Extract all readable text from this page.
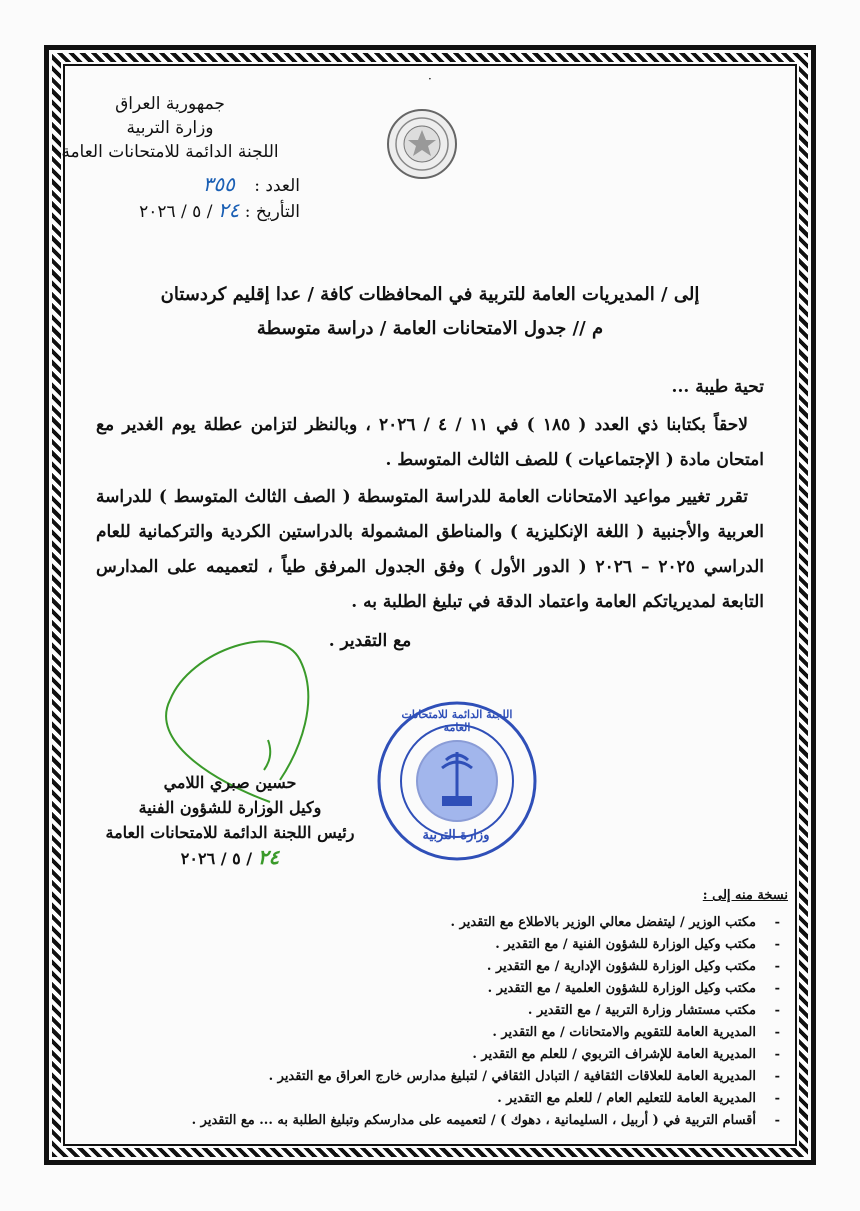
·
جمهورية العراق
وزارة التربية
اللجنة الدائمة للامتحانات العامة
العدد : ٣٥٥
التأريخ : ٢٤ / ٥ / ٢٠٢٦
إلى / المديريات العامة للتربية في المحافظات كافة / عدا إقليم كردستان
م // جدول الامتحانات العامة / دراسة متوسطة
تحية طيبة ...
لاحقاً بكتابنا ذي العدد ( ١٨٥ ) في ١١ / ٤ / ٢٠٢٦ ، وبالنظر لتزامن عطلة يوم الغدير مع امتحان مادة ( الإجتماعيات ) للصف الثالث المتوسط .
تقرر تغيير مواعيد الامتحانات العامة للدراسة المتوسطة ( الصف الثالث المتوسط ) للدراسة العربية والأجنبية ( اللغة الإنكليزية ) والمناطق المشمولة بالدراستين الكردية والتركمانية للعام الدراسي ٢٠٢٥ – ٢٠٢٦ ( الدور الأول ) وفق الجدول المرفق طياً ، لتعميمه على المدارس التابعة لمديرياتكم العامة واعتماد الدقة في تبليغ الطلبة به .
مع التقدير .
اللجنة الدائمة للامتحانات العامة
وزارة التربية
حسين صبري اللامي
وكيل الوزارة للشؤون الفنية
رئيس اللجنة الدائمة للامتحانات العامة
٢٤ / ٥ / ٢٠٢٦
نسخة منه إلى :
-
مكتب الوزير / ليتفضل معالي الوزير بالاطلاع مع التقدير .
-
مكتب وكيل الوزارة للشؤون الفنية / مع التقدير .
-
مكتب وكيل الوزارة للشؤون الإدارية / مع التقدير .
-
مكتب وكيل الوزارة للشؤون العلمية / مع التقدير .
-
مكتب مستشار وزارة التربية / مع التقدير .
-
المديرية العامة للتقويم والامتحانات / مع التقدير .
-
المديرية العامة للإشراف التربوي / للعلم مع التقدير .
-
المديرية العامة للعلاقات الثقافية / التبادل الثقافي / لتبليغ مدارس خارج العراق مع التقدير .
-
المديرية العامة للتعليم العام / للعلم مع التقدير .
-
أقسام التربية في ( أربيل ، السليمانية ، دهوك ) / لتعميمه على مدارسكم وتبليغ الطلبة به ... مع التقدير .
